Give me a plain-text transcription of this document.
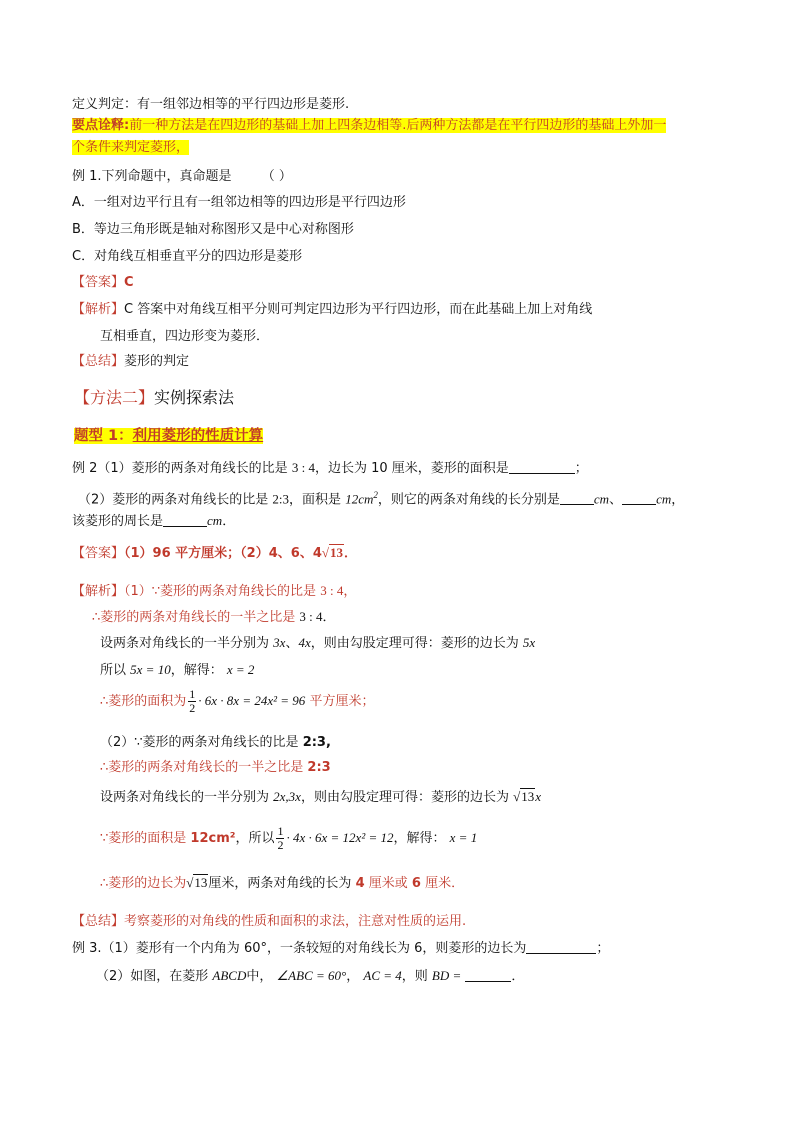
定义判定：有一组邻边相等的平行四边形是菱形.
要点诠释:前一种方法是在四边形的基础上加上四条边相等.后两种方法都是在平行四边形的基础上外加一
个条件来判定菱形，
例 1.下列命题中，真命题是 （ ）
A．一组对边平行且有一组邻边相等的四边形是平行四边形
B．等边三角形既是轴对称图形又是中心对称图形
C．对角线互相垂直平分的四边形是菱形
【答案】C
【解析】C 答案中对角线互相平分则可判定四边形为平行四边形，而在此基础上加上对角线
互相垂直，四边形变为菱形．
【总结】菱形的判定
【方法二】实例探索法
题型 1：利用菱形的性质计算
例 2（1）菱形的两条对角线长的比是 3 : 4，边长为 10 厘米，菱形的面积是	；
（2）菱形的两条对角线长的比是 2:3，面积是 $12cm^2$，则它的两条对角线的长分别是	cm、	cm，
该菱形的周长是	cm．
【答案】（1）96 平方厘米；（2）4、6、4√13．
【解析】（1）∵菱形的两条对角线长的比是 3 : 4，
∴菱形的两条对角线长的一半之比是 3 : 4．
设两条对角线长的一半分别为 3x、4x，则由勾股定理可得：菱形的边长为 5x
所以 5x = 10，解得： x = 2
∴菱形的面积为 $\frac{1}{2} \cdot 6x \cdot 8x = 24x^2 = 96$ 平方厘米；
（2）∵菱形的两条对角线长的比是 2:3,
∴菱形的两条对角线长的一半之比是 2:3
设两条对角线长的一半分别为 2x,3x，则由勾股定理可得：菱形的边长为 √13x
∵菱形的面积是 12cm²，所以 $\frac{1}{2} \cdot 4x \cdot 6x = 12x^2 = 12$，解得： x = 1
∴菱形的边长为√13厘米，两条对角线的长为 4 厘米或 6 厘米．
【总结】考察菱形的对角线的性质和面积的求法，注意对性质的运用.
例 3.（1）菱形有一个内角为 60°，一条较短的对角线长为 6，则菱形的边长为	；
（2）如图，在菱形 ABCD中， ∠ABC = 60°， AC = 4，则 BD =	．
